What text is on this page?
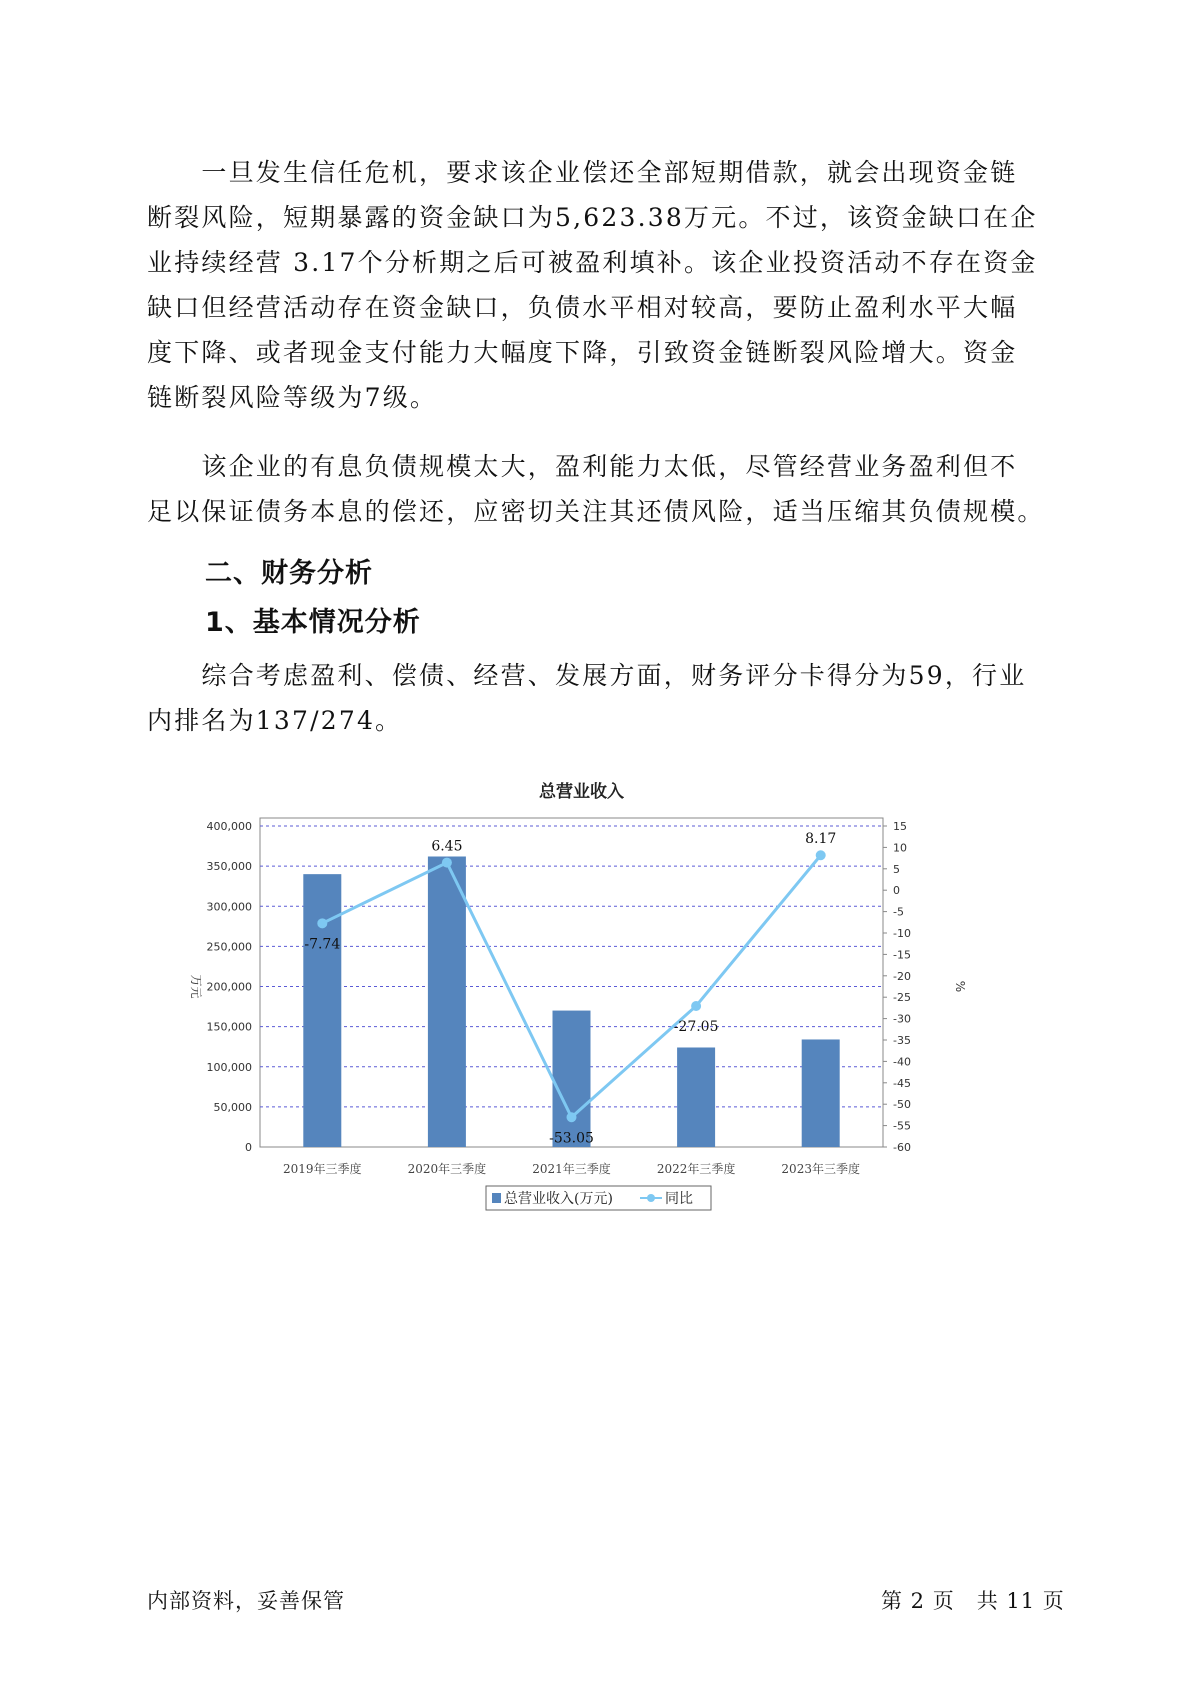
　　一旦发生信任危机，要求该企业偿还全部短期借款，就会出现资金链
断裂风险，短期暴露的资金缺口为5,623.38万元。不过，该资金缺口在企
业持续经营 3.17个分析期之后可被盈利填补。该企业投资活动不存在资金
缺口但经营活动存在资金缺口，负债水平相对较高，要防止盈利水平大幅
度下降、或者现金支付能力大幅度下降，引致资金链断裂风险增大。资金
链断裂风险等级为7级。
　　该企业的有息负债规模太大，盈利能力太低，尽管经营业务盈利但不
足以保证债务本息的偿还，应密切关注其还债风险，适当压缩其负债规模。
二、财务分析
1、基本情况分析
　　综合考虑盈利、偿债、经营、发展方面，财务评分卡得分为59，行业
内排名为137/274。
总营业收入
400,000
350,000
300,000
250,000
200,000
150,000
100,000
50,000
0
15
10
5
0
-5
-10
-15
-20
-25
-30
-35
-40
-45
-50
-55
-60
万元	%
2019年三季度	2020年三季度	2021年三季度	2022年三季度	2023年三季度
-7.74
6.45
-53.05
-27.05
8.17
总营业收入(万元)	同比
内部资料，妥善保管	第 2 页　共 11 页
